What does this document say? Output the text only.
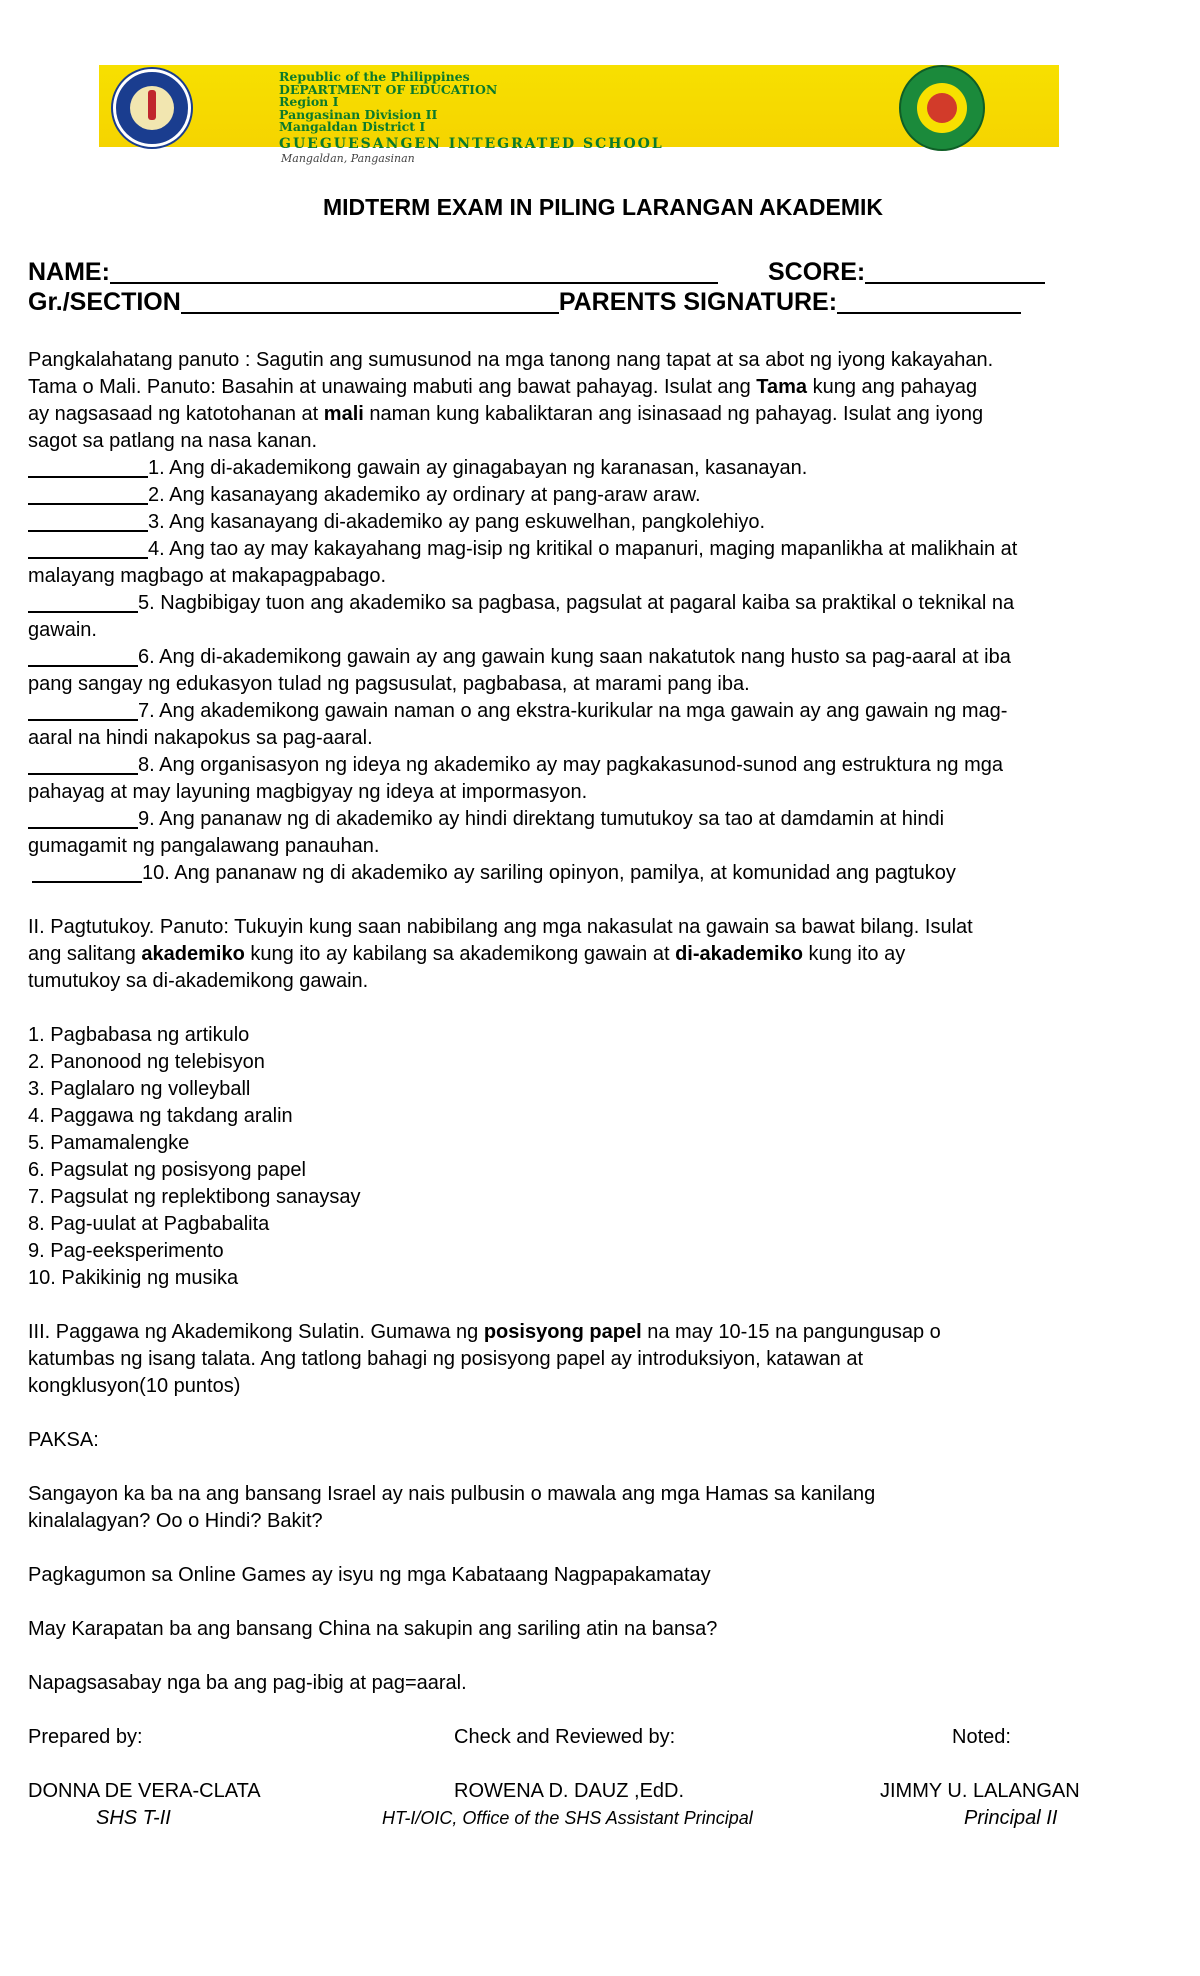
Republic of the Philippines
DEPARTMENT OF EDUCATION
Region I
Pangasinan Division II
Mangaldan District I
GUEGUESANGEN INTEGRATED SCHOOL
Mangaldan, Pangasinan
MIDTERM EXAM IN PILING LARANGAN AKADEMIK
NAME:	SCORE:
Gr./SECTION	PARENTS SIGNATURE:
Pangkalahatang panuto : Sagutin ang sumusunod na mga tanong nang tapat at sa abot ng iyong kakayahan.
Tama o Mali. Panuto: Basahin at unawaing mabuti ang bawat pahayag. Isulat ang Tama kung ang pahayag
ay nagsasaad ng katotohanan at mali naman kung kabaliktaran ang isinasaad ng pahayag. Isulat ang iyong
sagot sa patlang na nasa kanan.
1. Ang di-akademikong gawain ay ginagabayan ng karanasan, kasanayan.
2. Ang kasanayang akademiko ay ordinary at pang-araw araw.
3. Ang kasanayang di-akademiko ay pang eskuwelhan, pangkolehiyo.
4. Ang tao ay may kakayahang mag-isip ng kritikal o mapanuri, maging mapanlikha at malikhain at
malayang magbago at makapagpabago.
5. Nagbibigay tuon ang akademiko sa pagbasa, pagsulat at pagaral kaiba sa praktikal o teknikal na
gawain.
6. Ang di-akademikong gawain ay ang gawain kung saan nakatutok nang husto sa pag-aaral at iba
pang sangay ng edukasyon tulad ng pagsusulat, pagbabasa, at marami pang iba.
7. Ang akademikong gawain naman o ang ekstra-kurikular na mga gawain ay ang gawain ng mag-
aaral na hindi nakapokus sa pag-aaral.
8. Ang organisasyon ng ideya ng akademiko ay may pagkakasunod-sunod ang estruktura ng mga
pahayag at may layuning magbigyay ng ideya at impormasyon.
9. Ang pananaw ng di akademiko ay hindi direktang tumutukoy sa tao at damdamin at hindi
gumagamit ng pangalawang panauhan.
10. Ang pananaw ng di akademiko ay sariling opinyon, pamilya, at komunidad ang pagtukoy
II. Pagtutukoy. Panuto: Tukuyin kung saan nabibilang ang mga nakasulat na gawain sa bawat bilang. Isulat
ang salitang akademiko kung ito ay kabilang sa akademikong gawain at di-akademiko kung ito ay
tumutukoy sa di-akademikong gawain.
1. Pagbabasa ng artikulo
2. Panonood ng telebisyon
3. Paglalaro ng volleyball
4. Paggawa ng takdang aralin
5. Pamamalengke
6. Pagsulat ng posisyong papel
7. Pagsulat ng replektibong sanaysay
8. Pag-uulat at Pagbabalita
9. Pag-eeksperimento
10. Pakikinig ng musika
III. Paggawa ng Akademikong Sulatin. Gumawa ng posisyong papel na may 10-15 na pangungusap o
katumbas ng isang talata. Ang tatlong bahagi ng posisyong papel ay introduksiyon, katawan at
kongklusyon(10 puntos)
PAKSA:
Sangayon ka ba na ang bansang Israel ay nais pulbusin o mawala ang mga Hamas sa kanilang
kinalalagyan? Oo o Hindi? Bakit?
Pagkagumon sa Online Games ay isyu ng mga Kabataang Nagpapakamatay
May Karapatan ba ang bansang China na sakupin ang sariling atin na bansa?
Napagsasabay nga ba ang pag-ibig at pag=aaral.
Prepared by:	Check and Reviewed by:	Noted:
DONNA DE VERA-CLATA	ROWENA D. DAUZ ,EdD.	JIMMY U. LALANGAN
SHS T-II	HT-I/OIC, Office of the SHS Assistant Principal	Principal II
